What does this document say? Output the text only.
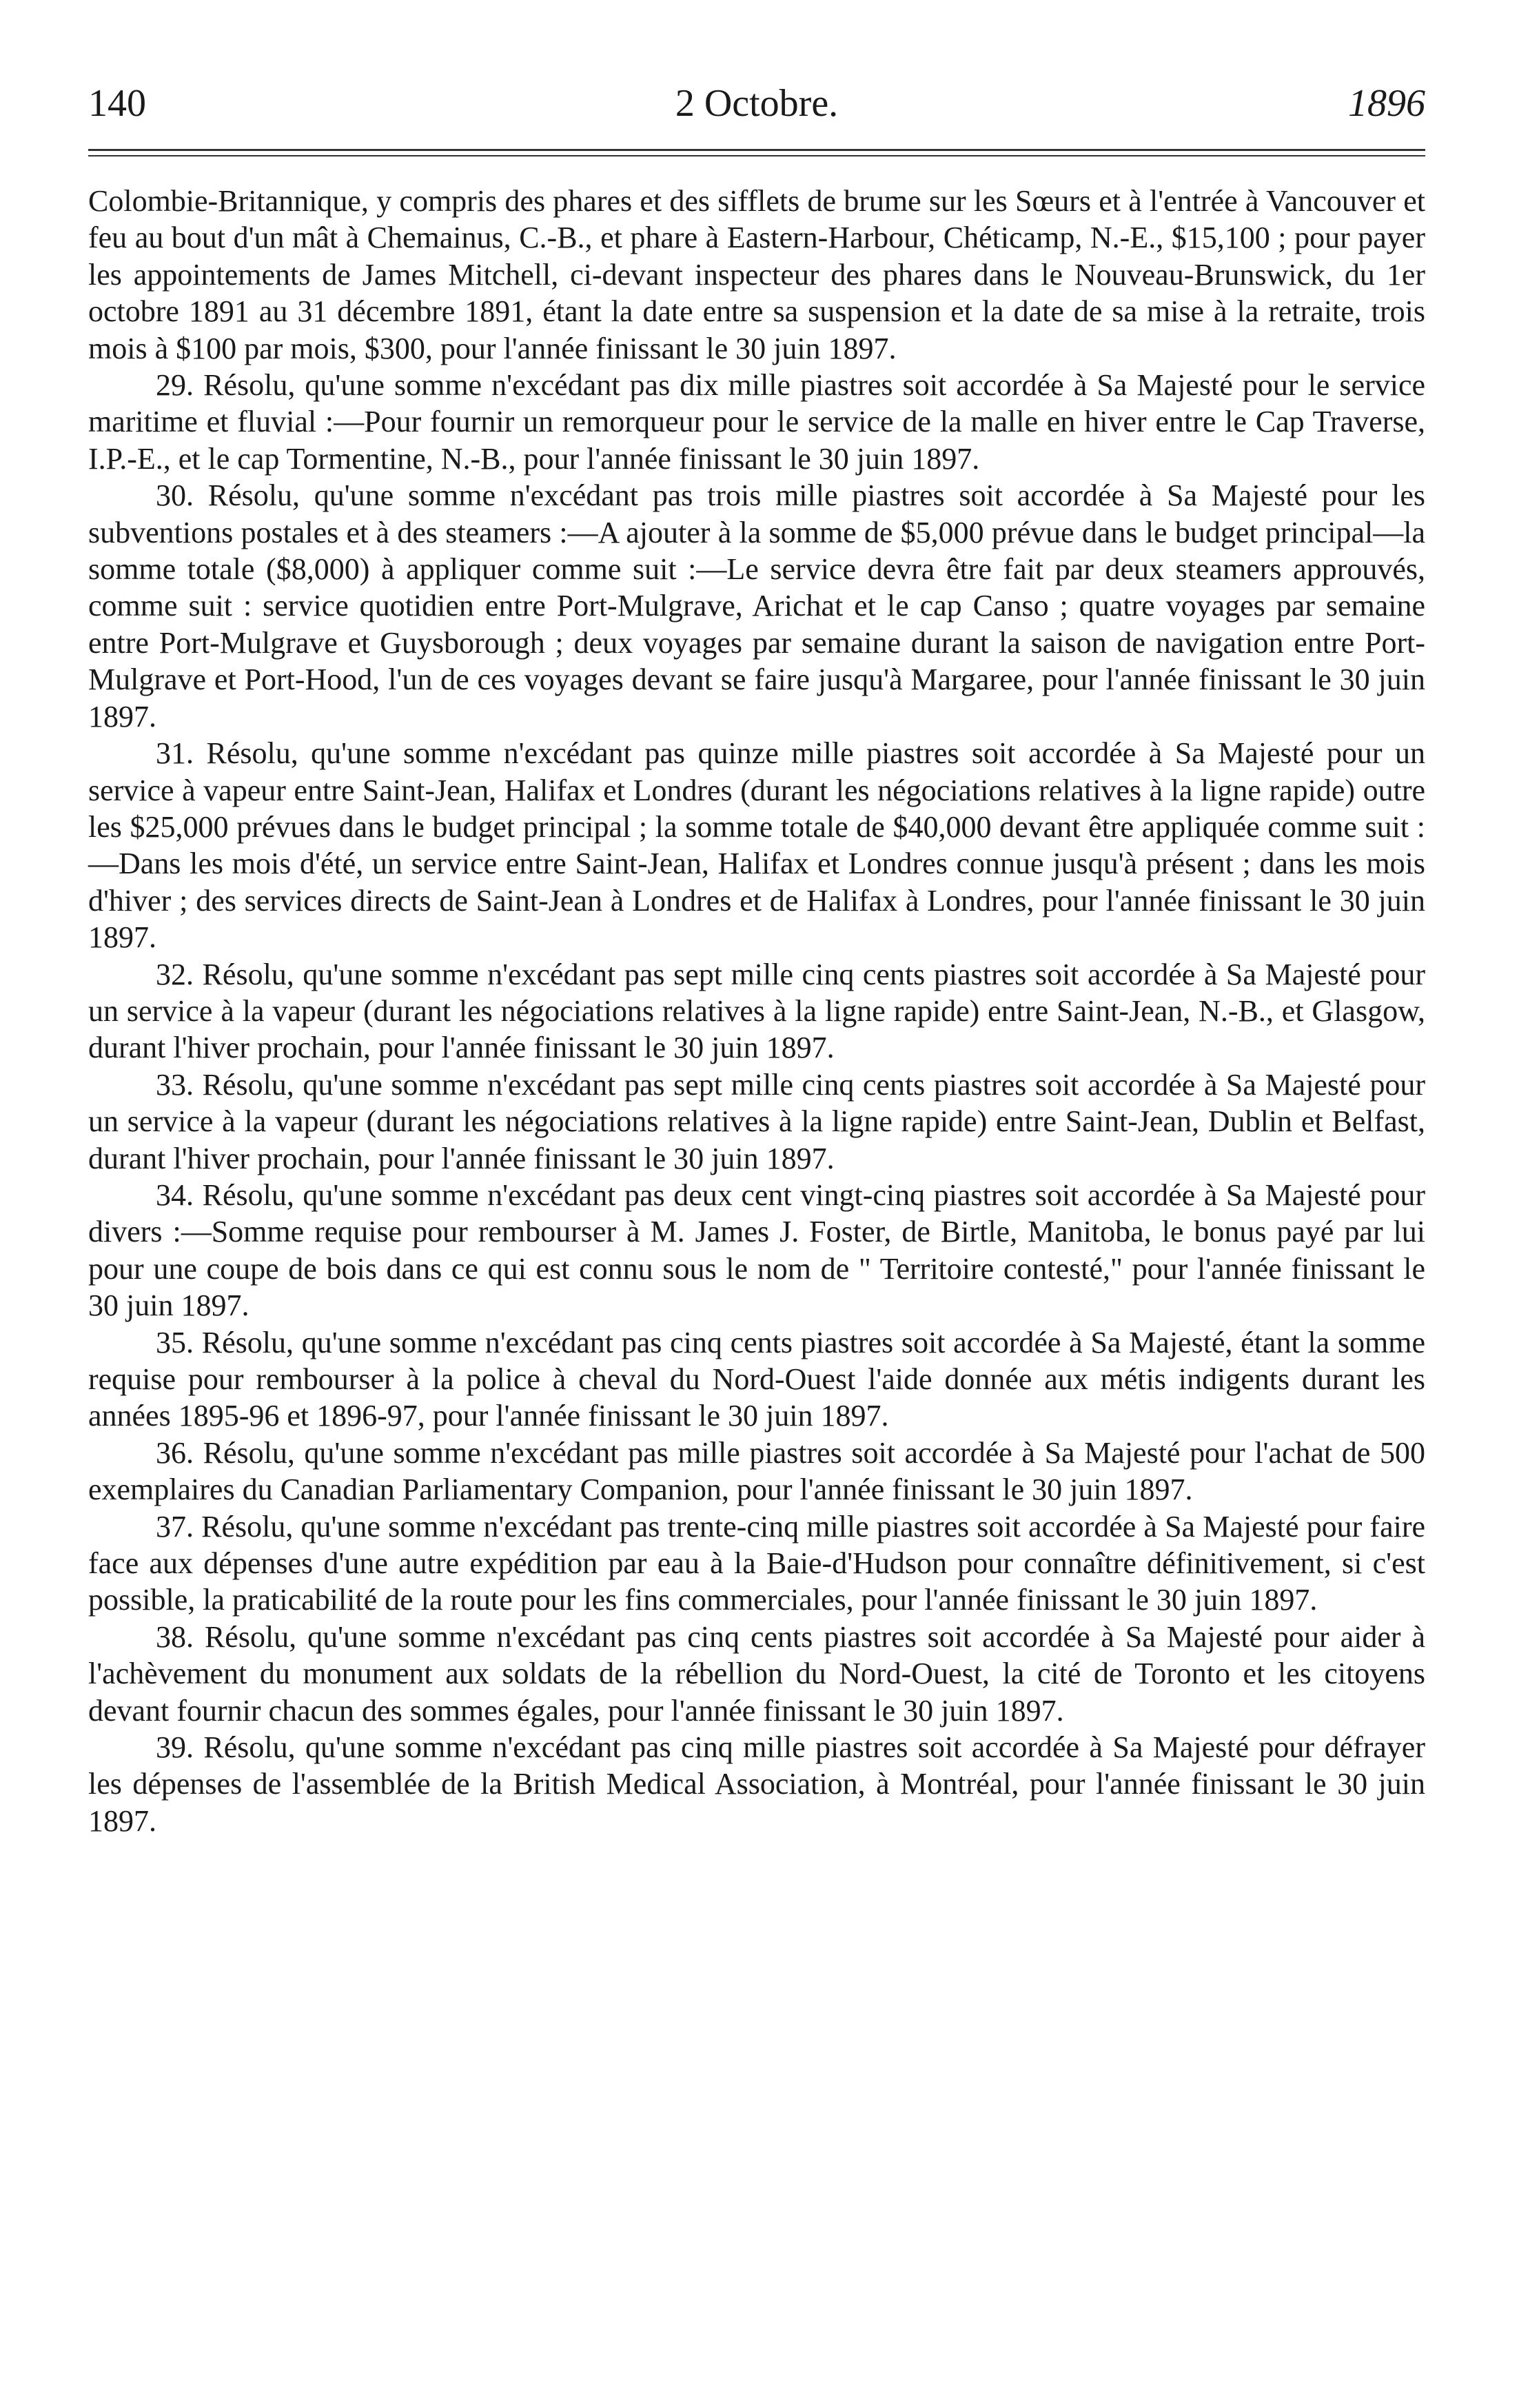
140	2 Octobre.	1896

Colombie-Britannique, y compris des phares et des sifflets de brume sur les Sœurs et à l'entrée à Vancouver et feu au bout d'un mât à Chemainus, C.-B., et phare à Eastern-Harbour, Chéticamp, N.-E., $15,100 ; pour payer les appointements de James Mitchell, ci-devant inspecteur des phares dans le Nouveau-Brunswick, du 1er octobre 1891 au 31 décembre 1891, étant la date entre sa suspension et la date de sa mise à la retraite, trois mois à $100 par mois, $300, pour l'année finissant le 30 juin 1897.

29. Résolu, qu'une somme n'excédant pas dix mille piastres soit accordée à Sa Majesté pour le service maritime et fluvial :—Pour fournir un remorqueur pour le service de la malle en hiver entre le Cap Traverse, I.P.-E., et le cap Tormentine, N.-B., pour l'année finissant le 30 juin 1897.

30. Résolu, qu'une somme n'excédant pas trois mille piastres soit accordée à Sa Majesté pour les subventions postales et à des steamers :—A ajouter à la somme de $5,000 prévue dans le budget principal—la somme totale ($8,000) à appliquer comme suit :—Le service devra être fait par deux steamers approuvés, comme suit : service quotidien entre Port-Mulgrave, Arichat et le cap Canso ; quatre voyages par semaine entre Port-Mulgrave et Guysborough ; deux voyages par semaine durant la saison de navigation entre Port-Mulgrave et Port-Hood, l'un de ces voyages devant se faire jusqu'à Margaree, pour l'année finissant le 30 juin 1897.

31. Résolu, qu'une somme n'excédant pas quinze mille piastres soit accordée à Sa Majesté pour un service à vapeur entre Saint-Jean, Halifax et Londres (durant les négociations relatives à la ligne rapide) outre les $25,000 prévues dans le budget principal ; la somme totale de $40,000 devant être appliquée comme suit :—Dans les mois d'été, un service entre Saint-Jean, Halifax et Londres connue jusqu'à présent ; dans les mois d'hiver ; des services directs de Saint-Jean à Londres et de Halifax à Londres, pour l'année finissant le 30 juin 1897.

32. Résolu, qu'une somme n'excédant pas sept mille cinq cents piastres soit accordée à Sa Majesté pour un service à la vapeur (durant les négociations relatives à la ligne rapide) entre Saint-Jean, N.-B., et Glasgow, durant l'hiver prochain, pour l'année finissant le 30 juin 1897.

33. Résolu, qu'une somme n'excédant pas sept mille cinq cents piastres soit accordée à Sa Majesté pour un service à la vapeur (durant les négociations relatives à la ligne rapide) entre Saint-Jean, Dublin et Belfast, durant l'hiver prochain, pour l'année finissant le 30 juin 1897.

34. Résolu, qu'une somme n'excédant pas deux cent vingt-cinq piastres soit accordée à Sa Majesté pour divers :—Somme requise pour rembourser à M. James J. Foster, de Birtle, Manitoba, le bonus payé par lui pour une coupe de bois dans ce qui est connu sous le nom de " Territoire contesté," pour l'année finissant le 30 juin 1897.

35. Résolu, qu'une somme n'excédant pas cinq cents piastres soit accordée à Sa Majesté, étant la somme requise pour rembourser à la police à cheval du Nord-Ouest l'aide donnée aux métis indigents durant les années 1895-96 et 1896-97, pour l'année finissant le 30 juin 1897.

36. Résolu, qu'une somme n'excédant pas mille piastres soit accordée à Sa Majesté pour l'achat de 500 exemplaires du Canadian Parliamentary Companion, pour l'année finissant le 30 juin 1897.

37. Résolu, qu'une somme n'excédant pas trente-cinq mille piastres soit accordée à Sa Majesté pour faire face aux dépenses d'une autre expédition par eau à la Baie-d'Hudson pour connaître définitivement, si c'est possible, la praticabilité de la route pour les fins commerciales, pour l'année finissant le 30 juin 1897.

38. Résolu, qu'une somme n'excédant pas cinq cents piastres soit accordée à Sa Majesté pour aider à l'achèvement du monument aux soldats de la rébellion du Nord-Ouest, la cité de Toronto et les citoyens devant fournir chacun des sommes égales, pour l'année finissant le 30 juin 1897.

39. Résolu, qu'une somme n'excédant pas cinq mille piastres soit accordée à Sa Majesté pour défrayer les dépenses de l'assemblée de la British Medical Association, à Montréal, pour l'année finissant le 30 juin 1897.
